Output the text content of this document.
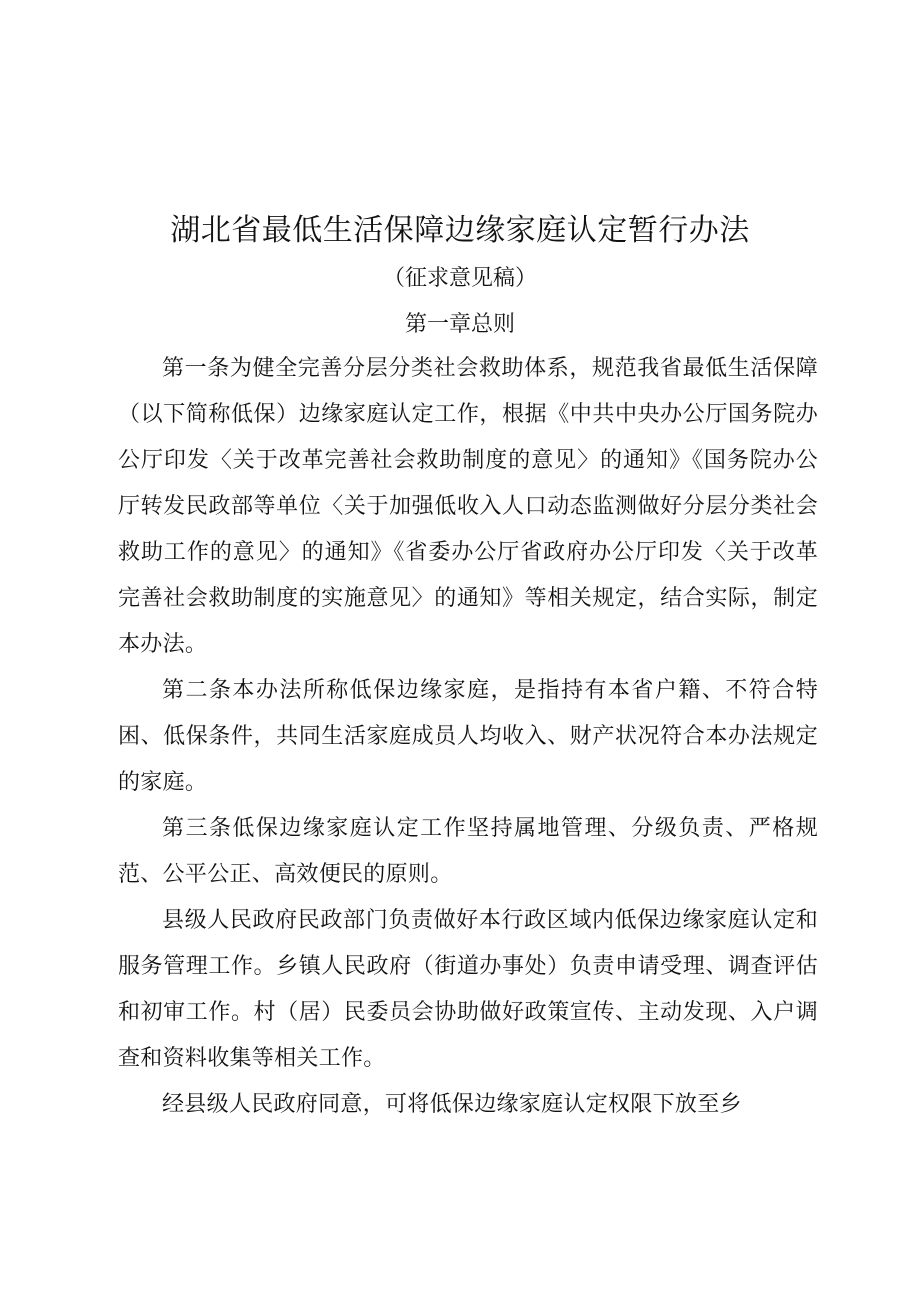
湖北省最低生活保障边缘家庭认定暂行办法
（征求意见稿）
第一章总则

第一条为健全完善分层分类社会救助体系，规范我省最低生活保障（以下简称低保）边缘家庭认定工作，根据《中共中央办公厅国务院办公厅印发〈关于改革完善社会救助制度的意见〉的通知》《国务院办公厅转发民政部等单位〈关于加强低收入人口动态监测做好分层分类社会救助工作的意见〉的通知》《省委办公厅省政府办公厅印发〈关于改革完善社会救助制度的实施意见〉的通知》等相关规定，结合实际，制定本办法。

第二条本办法所称低保边缘家庭，是指持有本省户籍、不符合特困、低保条件，共同生活家庭成员人均收入、财产状况符合本办法规定的家庭。

第三条低保边缘家庭认定工作坚持属地管理、分级负责、严格规范、公平公正、高效便民的原则。

县级人民政府民政部门负责做好本行政区域内低保边缘家庭认定和服务管理工作。乡镇人民政府（街道办事处）负责申请受理、调查评估和初审工作。村（居）民委员会协助做好政策宣传、主动发现、入户调查和资料收集等相关工作。

经县级人民政府同意，可将低保边缘家庭认定权限下放至乡
